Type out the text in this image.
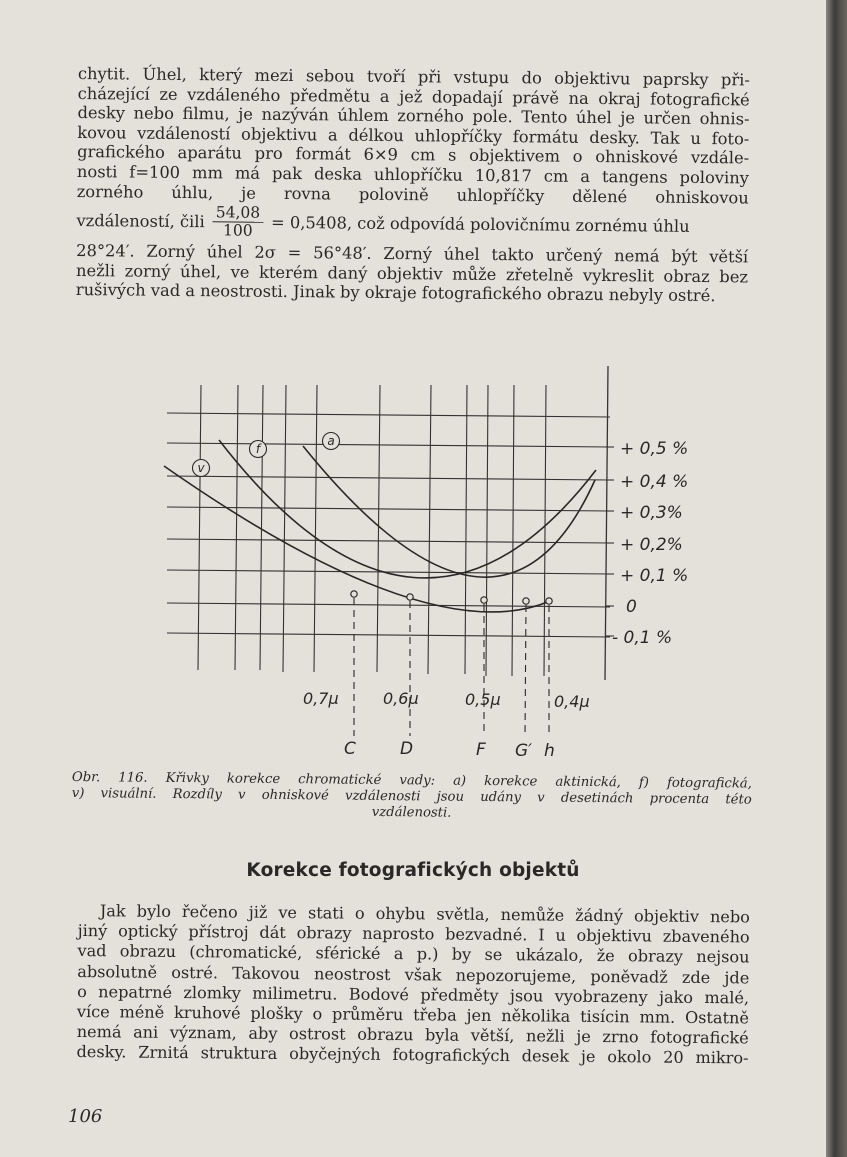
chytit. Úhel, který mezi sebou tvoří při vstupu do objektivu paprsky při-
cházející ze vzdáleného předmětu a jež dopadají právě na okraj fotografické
desky nebo filmu, je nazýván úhlem zorného pole. Tento úhel je určen ohnis-
kovou vzdáleností objektivu a délkou uhlopříčky formátu desky. Tak u foto-
grafického aparátu pro formát 6×9 cm s objektivem o ohniskové vzdále-
nosti f=100 mm má pak deska uhlopříčku 10,817 cm a tangens poloviny
zorného úhlu, je rovna polovině uhlopříčky dělené ohniskovou
vzdáleností, čili $\frac{54,08}{100} = 0,5408$, což odpovídá polovičnímu zornému úhlu
28°24′. Zorný úhel 2σ = 56°48′. Zorný úhel takto určený nemá být větší
nežli zorný úhel, ve kterém daný objektiv může zřetelně vykreslit obraz bez
rušivých vad a neostrosti. Jinak by okraje fotografického obrazu nebyly ostré.
v
f
a	+ 0,5 %
+ 0,4 %
+ 0,3%
+ 0,2%
+ 0,1 %
0
- 0,1 %
0,7μ	0,6μ	0,5μ	0,4μ
C	D	F G′ h
Obr. 116. Křivky korekce chromatické vady: a) korekce aktinická, f) fotografická,
v) visuální. Rozdíly v ohniskové vzdálenosti jsou udány v desetinách procenta této
vzdálenosti.
Korekce fotografických objektů
Jak bylo řečeno již ve stati o ohybu světla, nemůže žádný objektiv nebo
jiný optický přístroj dát obrazy naprosto bezvadné. I u objektivu zbaveného
vad obrazu (chromatické, sférické a p.) by se ukázalo, že obrazy nejsou
absolutně ostré. Takovou neostrost však nepozorujeme, poněvadž zde jde
o nepatrné zlomky milimetru. Bodové předměty jsou vyobrazeny jako malé,
více méně kruhové plošky o průměru třeba jen několika tisícin mm. Ostatně
nemá ani význam, aby ostrost obrazu byla větší, nežli je zrno fotografické
desky. Zrnitá struktura obyčejných fotografických desek je okolo 20 mikro-
106
